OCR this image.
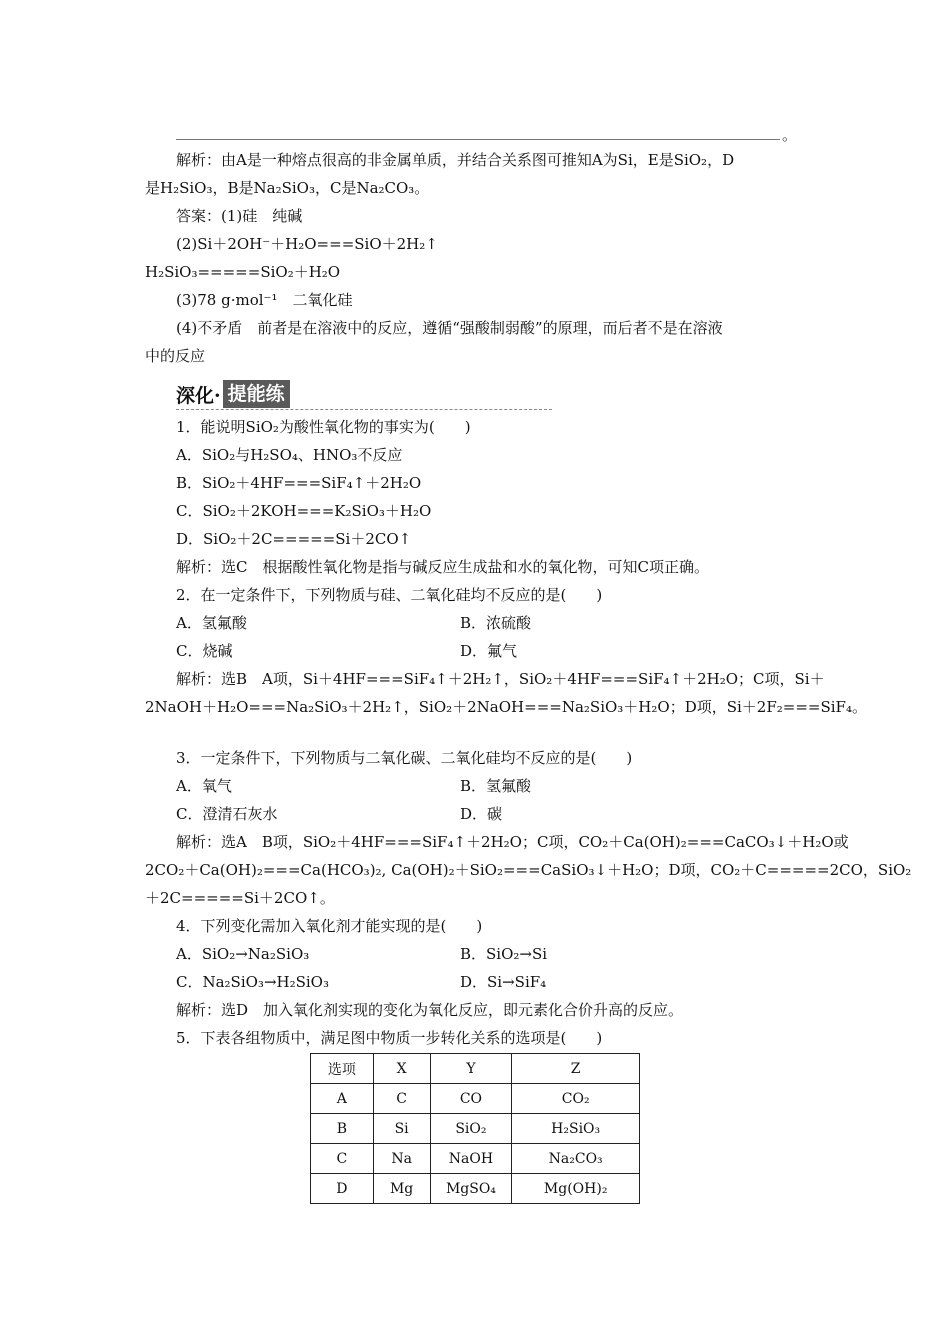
。
解析：由A是一种熔点很高的非金属单质，并结合关系图可推知A为Si，E是SiO₂，D
是H₂SiO₃，B是Na₂SiO₃，C是Na₂CO₃。
答案：(1)硅　纯碱
(2)Si＋2OH⁻＋H₂O===SiO＋2H₂↑
H₂SiO₃=====SiO₂＋H₂O
(3)78 g·mol⁻¹　二氧化硅
(4)不矛盾　前者是在溶液中的反应，遵循“强酸制弱酸”的原理，而后者不是在溶液
中的反应
深化· 提能练
1．能说明SiO₂为酸性氧化物的事实为(　　)
A．SiO₂与H₂SO₄、HNO₃不反应
B．SiO₂＋4HF===SiF₄↑＋2H₂O
C．SiO₂＋2KOH===K₂SiO₃＋H₂O
D．SiO₂＋2C=====Si＋2CO↑
解析：选C　根据酸性氧化物是指与碱反应生成盐和水的氧化物，可知C项正确。
2．在一定条件下，下列物质与硅、二氧化硅均不反应的是(　　)
A．氢氟酸	B．浓硫酸
C．烧碱	D．氟气
解析：选B　A项，Si＋4HF===SiF₄↑＋2H₂↑，SiO₂＋4HF===SiF₄↑＋2H₂O；C项，Si＋
2NaOH＋H₂O===Na₂SiO₃＋2H₂↑，SiO₂＋2NaOH===Na₂SiO₃＋H₂O；D项，Si＋2F₂===SiF₄。
3．一定条件下，下列物质与二氧化碳、二氧化硅均不反应的是(　　)
A．氧气	B．氢氟酸
C．澄清石灰水	D．碳
解析：选A　B项，SiO₂＋4HF===SiF₄↑＋2H₂O；C项，CO₂＋Ca(OH)₂===CaCO₃↓＋H₂O或
2CO₂＋Ca(OH)₂===Ca(HCO₃)₂, Ca(OH)₂＋SiO₂===CaSiO₃↓＋H₂O；D项，CO₂＋C=====2CO，SiO₂
＋2C=====Si＋2CO↑。
4．下列变化需加入氧化剂才能实现的是(　　)
A．SiO₂→Na₂SiO₃	B．SiO₂→Si
C．Na₂SiO₃→H₂SiO₃	D．Si→SiF₄
解析：选D　加入氧化剂实现的变化为氧化反应，即元素化合价升高的反应。
5．下表各组物质中，满足图中物质一步转化关系的选项是(　　)
选项	X	Y	Z
A	C	CO	CO₂
B	Si	SiO₂	H₂SiO₃
C	Na	NaOH	Na₂CO₃
D	Mg	MgSO₄	Mg(OH)₂
